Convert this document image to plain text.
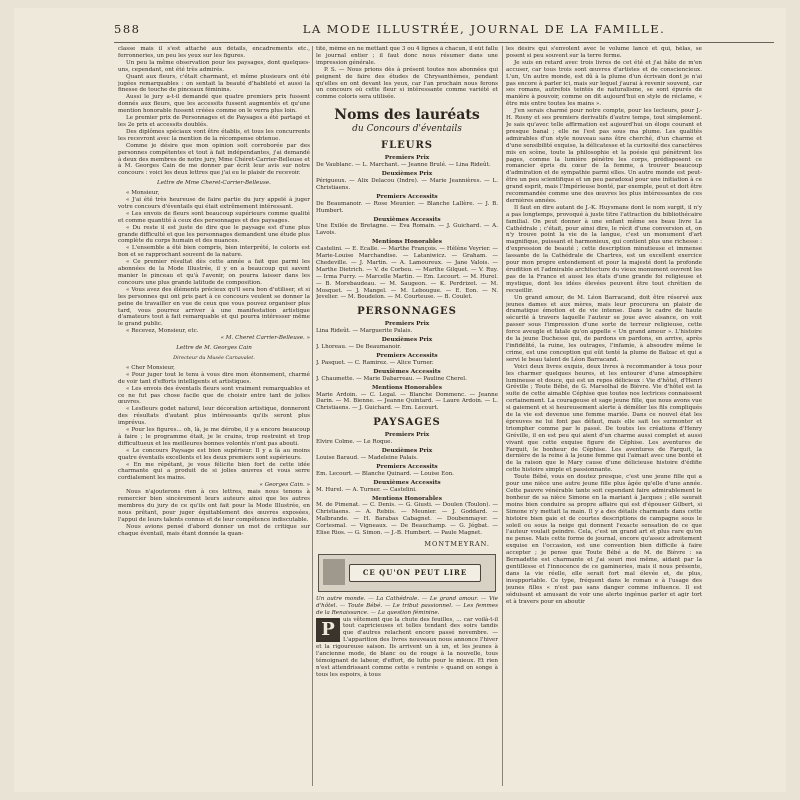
588	LA MODE ILLUSTRÉE, JOURNAL DE LA FAMILLE.

classe mais il s'est attaché aux détails, encadrements etc., ferronneries, un peu les yeux sur les figures.

Un peu la même observation pour les paysages, dont quelques-uns, cependant, ont été très admirés.

Quant aux fleurs, c'était charmant, et même plusieurs ont été jugées remarquables : on sentait la beauté d'habileté et aussi la finesse de touche de pinceaux féminins.

Aussi le jury a-t-il demandé que quatre premiers prix fussent donnés aux fleurs, que les accessits fussent augmentés et qu'une mention honorable fussent créées comme on le verra plus loin.

Le premier prix de Personnages et de Paysages a été partagé et les 2e prix et accessits doublés.

Des diplômes spéciaux vont être établis, et tous les concurrents les recevront avec la mention de la récompense obtenue.

Comme je désire que mon opinion soit corroborée par des personnes compétentes et tout à fait indépendantes, j'ai demandé à deux des membres de notre jury, Mme Chéret-Carrier-Belleuse et à M. Georges Cain de me donner par écrit leur avis sur notre concours : voici les deux lettres que j'ai eu le plaisir de recevoir.

Lettre de Mme Cheret-Carrier-Belleuse.

« Monsieur,

« J'ai été très heureuse de faire partie du jury appelé à juger votre concours d'éventails qui était extrêmement intéressant.

« Les envois de fleurs sont beaucoup supérieurs comme qualité et comme quantité à ceux des personnages et des paysages.

« Du reste il est juste de dire que le paysage est d'une plus grande difficulté et que les personnages demandent une étude plus complète du corps humain et des nuances.

« L'ensemble a été bien compris, bien interprété, le coloris est bon et se rapprochant souvent de la nature.

« Ce premier résultat dès cette année a fait que parmi les abonnées de la Mode Illustrée, il y en a beaucoup qui savent manier le pinceau et qu'à l'avenir, on pourra laisser dans les concours une plus grande latitude de composition.

« Vous avez des éléments précieux qu'il sera bon d'utiliser, et si les personnes qui ont pris part à ce concours veulent se donner la peine de travailler en vue de ceux que vous pouvez organiser plus tard, vous pourrez arriver à une manifestation artistique d'amateurs tout à fait remarquable et qui pourra intéresser même le grand public.

« Recevez, Monsieur, etc.

« M. Cheret Carrier-Belleuse. »
Lettre de M. Georges Cain
Directeur du Musée Carnavalet.

« Cher Monsieur,

« Pour juger tout le tenu à vous dire mon étonnement, charmé de voir tant d'efforts intelligents et artistiques.

« Les envois des éventails fleurs sont vraiment remarquables et ce ne fut pas chose facile que de choisir entre tant de jolies œuvres.

« Lesfleurs godet naturel, leur décoration artistique, donneront des résultats d'autant plus intéressants qu'ils seront plus imprévus.

« Pour les figures... oh, là, je me dérobe, il y a encore beaucoup à faire ; le programme était, je le crains, trop restreint et trop difficultueux et les meilleures bonnes volontés n'ont pas abouti.

« Le concours Paysage est bien supérieur. Il y a là au moins quatre éventails excellents et les deux premiers sont supérieurs.

« En me répétant, je vous félicite bien fort de cette idée charmante qui a produit de si jolies œuvres et vous serre cordialement les mains.

« Georges Cain. »

Nous n'ajouterons rien à ces lettres, mais nous tenons à remercier bien sincèrement leurs auteurs ainsi que les autres membres du jury de ce qu'ils ont fait pour la Mode Illustrée, en nous prêtant, pour juger équitablement des œuvres exposées, l'appui de leurs talents connus et de leur compétence indiscutable.

Nous avions pensé d'abord donner un mot de critique sur chaque éventail, mais étant donnée la quan-

tité, même en ne mettant que 3 ou 4 lignes à chacun, il eût fallu le journal entier ; il faut donc nous résumer dans une impression générale.

P. S. — Nous prions dès à présent toutes nos abonnées qui peignent de faire des études de Chrysanthèmes, pendant qu'elles en ont devant les yeux, car l'an prochain nous ferons un concours où cette fleur si intéressante comme variété et comme coloris sera utilisée.

Noms des lauréats
du Concours d'éventails
FLEURS
Premiers Prix

De Vaublanc. — L. Marchant. — Jeanne Brulé. — Lina Rideût.

Deuxièmes Prix

Périgueux. — Alix Delacou (Indre). — Marie Jeannières. — L. Christiaens.

Premiers Accessits

De Beaumanoir. — Rose Meunier. — Blanche Lallère. — J. B. Humbert.

Deuxièmes Accessits

Une Exilée de Bretagne. — Eva Romain. — J. Guichard. — A. Lavois.

Mentions Honorables

Castelini. — E. Ecalle. — Marthe François. — Hélène Veyrier. — Marie-Louise Marchandise. — Lataniwicz. — Graham. — Chedeville. — J. Martin. — A. Lamoureux. — Jane Valois. — Marthe Dietrich. — V. de Corbeu. — Marthe Gilquet. — V. Ruy. — Irma Furry. — Marcelle Martin. — Em. Lecourt. — M. Hurel. — B. Morebaudeau. — M. Saugeon. — K. Perdrizet. — M. Mosquet. — J. Mangel. — M. Lebougue. — E. Eon. — N. Jevelier. — M. Boudelon. — M. Courteuse. — B. Coulet.

PERSONNAGES
Premiers Prix

Lina Rideût. — Marguerite Palais.

Deuxièmes Prix

J. Lhoreau. — De Beaumanoir.

Premiers Accessits

J. Pasquet. — C. Ramirez. — Alice Turner.

Deuxièmes Accessits

J. Chaumette. — Marie Dabarreau. — Pauline Cherel.

Mentions Honorables

Marie Ardoin. — C. Legal. — Blanche Dommenc. — Jeanne Darin. — M. Bienne. — Jeanne Quintard. — Laure Ardoin. — L. Christiaens. — J. Guichard. — Em. Lecourt.

PAYSAGES
Premiers Prix

Elvire Colme. — Le Roque.

Deuxièmes Prix

Louise Baraud. — Madeleine Palais.

Premiers Accessits

Em. Lecourt. — Blanche Quinard. — Louise Eon.

Deuxièmes Accessits

M. Hurel. — A. Turner. — Castelini.

Mentions Honorables

M. de Pimenat. — C. Denis. — G. Giusti. — Doulen (Toulon). — Christiaens. — A. Rebiis. — Meunier. — J. Goddard. — Malbrande. — H. Barabas Cabagnet. — Doubenmayer. — Cortesmal. — Vigneaux. — De Beauchamp. — G. Jégbat. — Elise Rios. — G. Simon. — J.-B. Humbert. — Paule Magnet.

MONTMEYRAN.
CE QU'ON PEUT LIRE

Un autre monde. — La Cathédrale. — Le grand amour. — Vie d'hôtel. — Toute Bébé. — Le tribut passionnel. — Les femmes de la Renaissance. — La question féminine.

P	uis vêtement que la chute des feuilles, ... car voilà-t-il tout capricieuses et telles tendant des soirs tandis que d'autres relachent encore passé novembre. — L'apparition des livres nouveaux nous annonce l'hiver et la rigoureuse saison. Ils arrivent un à un, et les jeunes à l'ancienne mode, de blanc ou de rouge à la nouvelle, tous témoignant de labeur, d'effort, de lutte pour le mieux. Et rien n'est attendrissant comme cette « rentrée » quand on songe à tous les espoirs, à tous

les désirs qui s'envolent avec le volume lancé et qui, hélas, se posent si peu souvent sur la terre ferme.

Je suis en retard avec trois livres de cet été et j'ai hâte de m'en accuser, car tous trois sont œuvres d'artistes et de consciencieux. L'un, Un autre monde, est dû à la plume d'un écrivain dont je n'ai pas encore à parler ici, mais sur lequel j'aurai à revenir souvent, car ses romans, autrefois teintés de naturalisme, se sont épurés de manière à pouvoir, comme on dit aujourd'hui en style de réclame, « être mis entre toutes les mains ».

J'en serais charmé pour notre compte, pour les lecteurs, pour J.-H. Rosny et ses premiers derivatifs d'autre temps, tout simplement. Je sais qu'avec telle affirmation est aujourd'hui un éloge courant et presque banal ; elle ne l'est pas sous ma plume. Les qualités admirables d'un style nouveau sans être cherché, d'un charme et d'une sensibilité exquise, la délicatesse et la curiosité des caractères mis en scène, toute la philosophie et la poésie qui pénètrent les pages, comme la lumière pénètre les corps, prédisposent ce romancier épris du cœur de la femme, à trouver beaucoup d'admiration et de sympathie parmi elles. Un autre monde est peut-être un peu scientifique et un peu paradoxal pour une initiation à ce grand esprit, mais l'Impérieuse bonté, par exemple, peut et doit être recommandée comme une des œuvres les plus intéressantes de ces dernières années.

Il faut en dire autant de J.-K. Huysmans dont le nom surgit, il n'y a pas longtemps, provoqué à juste titre l'attraction du bibliothécaire familial. On peut donner à une enfant même ses beau livre La Cathédrale ; c'était, pour ainsi dire, le récit d'une conversion et, on n'y trouve point la vie de la langue, c'est un monument d'art magnifique, puissant et harmonieux, qui contient plus une richesse : d'expression de beauté ; cette description minutieuse et immense lassante de la Cathédrale de Chartres, est un excellent exercice pour mon propre entendement et pour la majesté dont la profonde érudition et l'admirable architecture du vieux monument ouvrent les pas de la France et aussi les états d'une grande foi religieuse et mystique, dont les idées élevées peuvent être tout chrétien de recueillir.

Un grand amour, de M. Léon Barracand, doit être réservé aux jeunes dames et aux mères, mais leur procurera un plaisir de dramatique émotion et de vie intense. Dans le cadre de haute sécurité à travers laquelle l'auteur se joue avec aisance, on voit passer sous l'impression d'une sorte de terreur religieuse, cette force aveugle et fatale qu'on appelle « Un grand amour ». L'histoire de la jeune Duchesse qui, de pardons en pardons, en arrive, après l'infidélité, la ruine, les outrages, l'infamie, à absoudre même le crime, est une conception qui eût tenté la plume de Balzac et qui a servi le beau talent de Léon Barracand.

Voici deux livres exquis, deux livres à recommander à tous pour les charmer quelques heures, et les entourer d'une atmosphère lumineuse et douce, qui est un repos délicieux : Vie d'hôtel, d'Henri Gréville ; Toute Bébé, de G. Marsolhal de Bièvre. Vie d'hôtel est la suite de cette aimable Céphise que toutes nos lectrices connaissent certainement. La courageuse et sage jeune fille, que nous avons vue si gaiement et si heureusement alerte à démêler les fils compliqués de la vie est devenue une femme mariée. Dans ce nouvel état les épreuves ne lui font pas défaut, mais elle sait les surmonter et triompher comme par le passé. De toutes les créations d'Henry Gréville, il en est peu qui aient d'un charme aussi complet et aussi vivant que cette exquise figure de Céphise. Les aventures de Farquit, le bonheur de Céphise. Les aventures de Farquit, la dernière de la reine à la jeune femme qui l'aimait avec une bonté et de la raison que le Mary cause d'une délicieuse histoire d'édifie cette histoire simple et passionnante.

Toute Bébé, vous en doutez presque, c'est une jeune fille qui a pour une nièce une autre jeune fille plus âgée qu'elle d'une année. Cette pauvre vénérable tante soit cependant faire admirablement le bonheur de sa nièce Simone en la mariant à Jacques ; elle saurait moins bien conduire sa propre affaire qui est d'épouser Gilbert, si Simone n'y mettait la main. Il y a des détails charmants dans cette histoire bien gaie et de courtes descriptions de campagne sous le soleil ou sous la neige qui donnent l'exacte sensation de ce que l'auteur voulait peindre. Cela, c'est un grand art et plus rare qu'on ne pense. Mais cette forme de journal, encore qu'assez adroitement exquise en l'occasion, est une convention bien difficile à faire accepter ; je pense que Toute Bébé a de M. de Bièvre : sa Bernadette est charmante et j'ai souri moi même, aidant par la gentillesse et l'innocence de ce gamineries, mais il nous présente, dans la vie réelle, elle serait fort mal élevée et, de plus, insupportable. Ce type, fréquent dans le roman e à l'usage des jeunes filles « n'est pas sans danger comme influence. Il est séduisant et amusant de voir une alerte ingénue parler et agir tort et à travers pour en aboutir
